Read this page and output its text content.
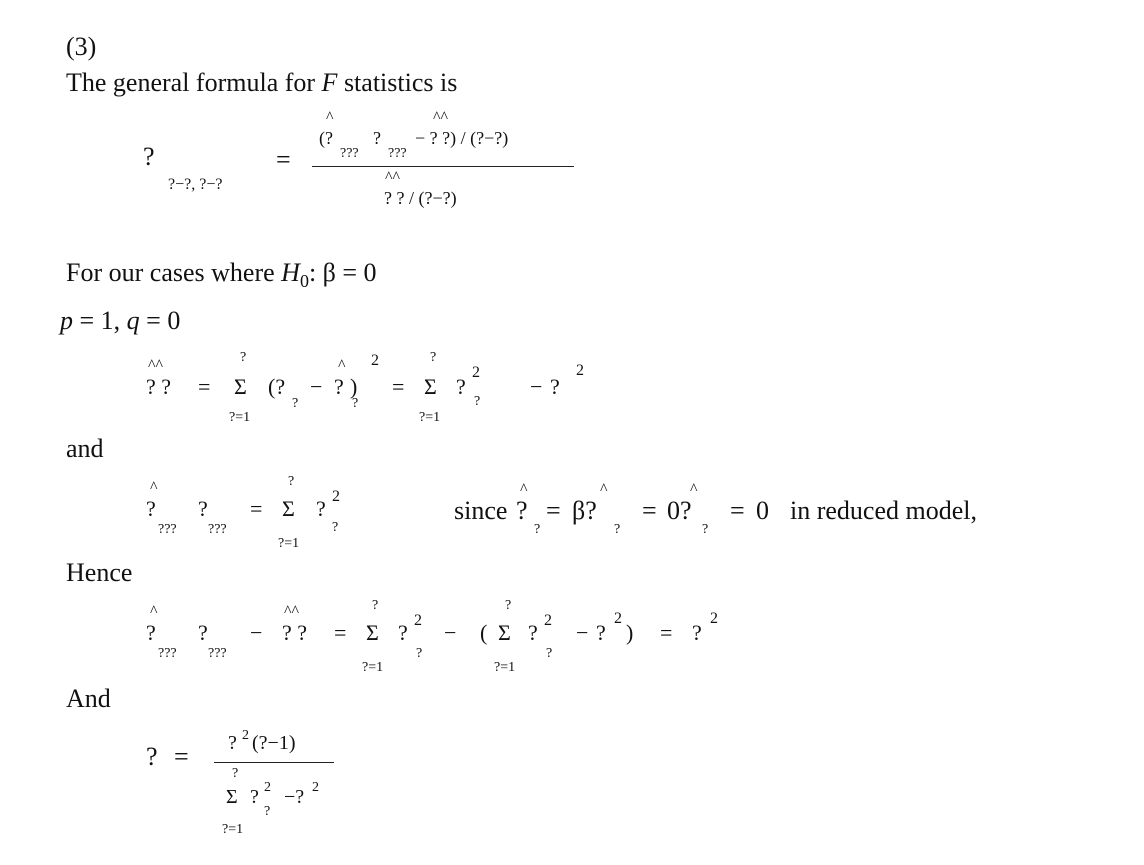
(3)
The general formula for F statistics is
?
?−?, ?−?
=
^
(?
???
?
???
^^
− ? ?) / (?−?)
^^
? ? / (?−?)
For our cases where $H_0$: β = 0
p = 1, q = 0
^^
? ? =
?
Σ
?=1
(?
?
−
^
? )
2
?
=
?
Σ
?=1
?
2
?
− ?
2
and
^
?
???
?
???
=
?
Σ
?=1
? 2
?
since
^
?
?
=
^
β?
?
=
^
0?
?
= 0 in reduced model,
Hence
^
?
???
?
???
−
^^
? ? =
?
Σ
?=1
? 2
?
− (
?
Σ
?=1
? 2
?
− ?
2
) = ?
2
And
? = ? 2 (?−1)
?
Σ
?=1
? 2
?
−? 2
